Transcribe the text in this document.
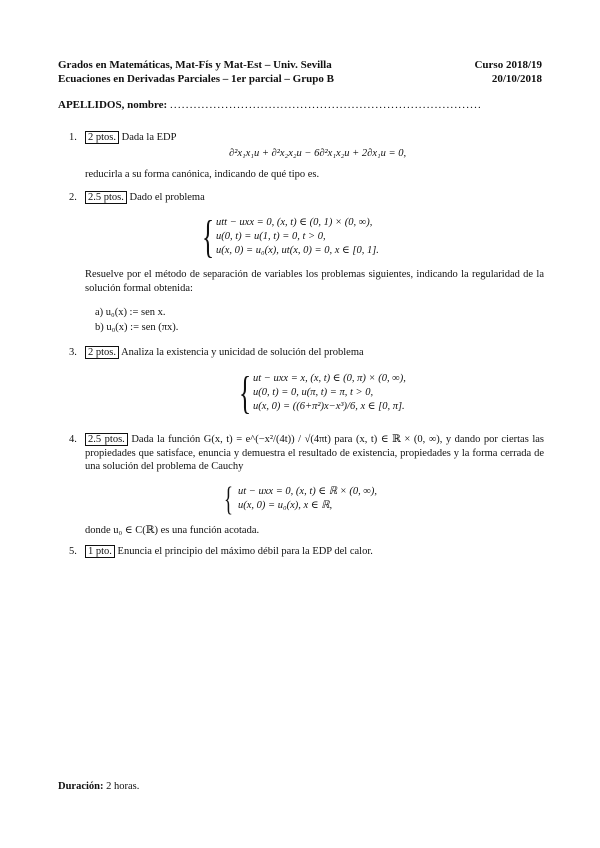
Grados en Matemáticas, Mat-Fís y Mat-Est – Univ. Sevilla	Curso 2018/19
Ecuaciones en Derivadas Parciales – 1er parcial – Grupo B	20/10/2018
APELLIDOS, nombre: ...............................................................................
1. 2 ptos. Dada la EDP
∂²x₁x₁u + ∂²x₂x₂u − 6∂²x₁x₂u + 2∂x₁u = 0,
reducirla a su forma canónica, indicando de qué tipo es.
2. 2.5 ptos. Dado el problema
{ utt − uxx = 0, (x, t) ∈ (0, 1) × (0, ∞),
u(0, t) = u(1, t) = 0, t > 0,
u(x, 0) = u₀(x), ut(x, 0) = 0, x ∈ [0, 1].
Resuelve por el método de separación de variables los problemas siguientes, indicando la regularidad de la solución formal obtenida:
a) u₀(x) := sen x.
b) u₀(x) := sen (πx).
3. 2 ptos. Analiza la existencia y unicidad de solución del problema
{ ut − uxx = x, (x, t) ∈ (0, π) × (0, ∞),
u(0, t) = 0, u(π, t) = π, t > 0,
u(x, 0) = ((6+π²)x−x³)/6, x ∈ [0, π].
4. 2.5 ptos. Dada la función G(x, t) = e^(−x²/(4t)) / √(4πt) para (x, t) ∈ ℝ × (0, ∞), y dando por ciertas las propiedades que satisface, enuncia y demuestra el resultado de existencia, propiedades y la forma cerrada de una solución del problema de Cauchy
{ ut − uxx = 0, (x, t) ∈ ℝ × (0, ∞),
u(x, 0) = u₀(x), x ∈ ℝ,
donde u₀ ∈ C(ℝ) es una función acotada.
5. 1 pto. Enuncia el principio del máximo débil para la EDP del calor.
Duración: 2 horas.
